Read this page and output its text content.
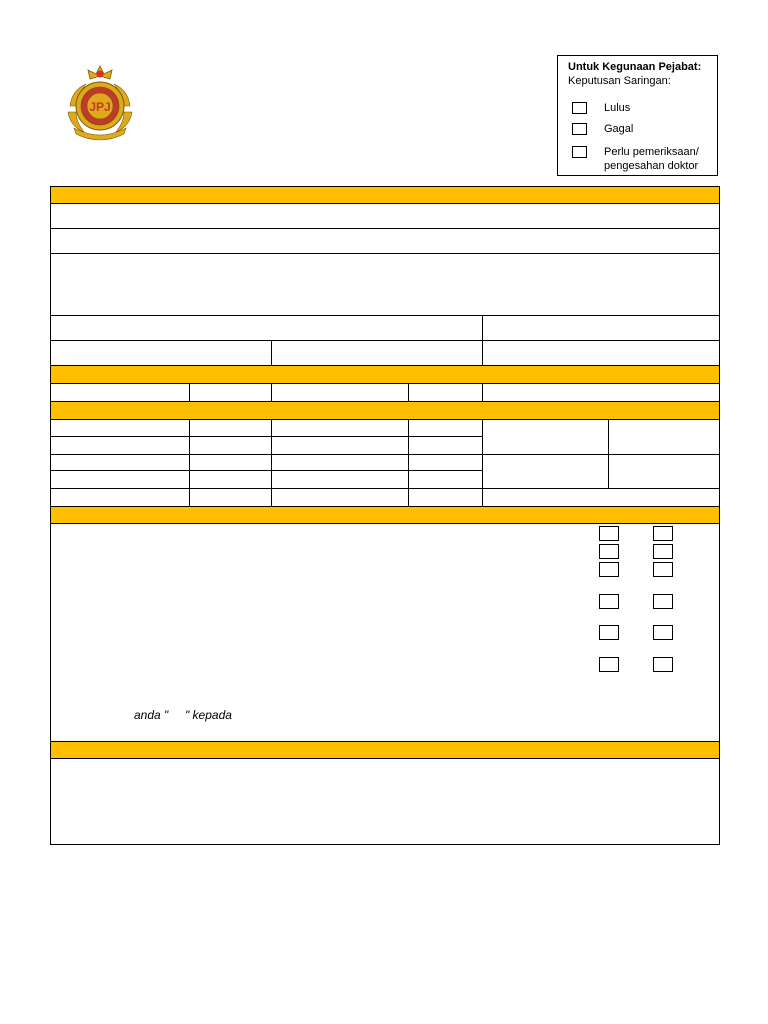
JPJ
Untuk Kegunaan Pejabat:
Keputusan Saringan:
Lulus
Gagal
Perlu pemeriksaan/
pengesahan doktor
anda "     " kepada
